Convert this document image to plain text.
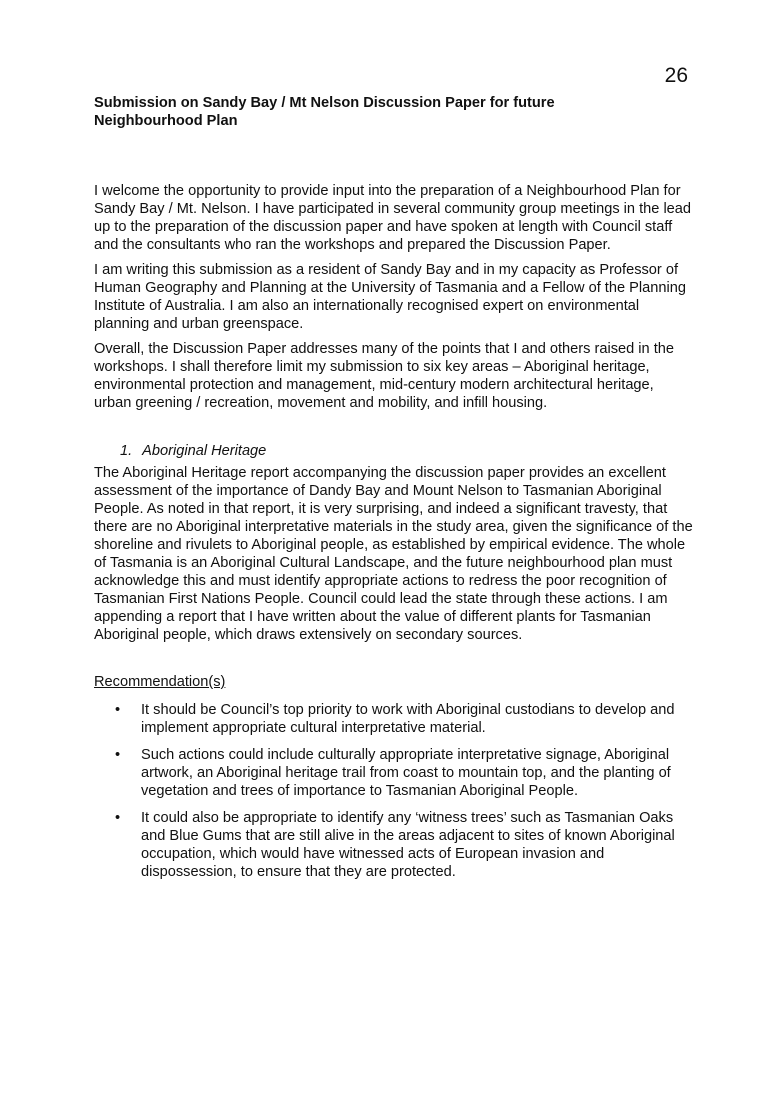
26
Submission on Sandy Bay / Mt Nelson Discussion Paper for future
Neighbourhood Plan

I welcome the opportunity to provide input into the preparation of a Neighbourhood Plan for Sandy Bay / Mt. Nelson. I have participated in several community group meetings in the lead up to the preparation of the discussion paper and have spoken at length with Council staff and the consultants who ran the workshops and prepared the Discussion Paper.

I am writing this submission as a resident of Sandy Bay and in my capacity as Professor of Human Geography and Planning at the University of Tasmania and a Fellow of the Planning Institute of Australia. I am also an internationally recognised expert on environmental planning and urban greenspace.

Overall, the Discussion Paper addresses many of the points that I and others raised in the workshops. I shall therefore limit my submission to six key areas – Aboriginal heritage, environmental protection and management, mid-century modern architectural heritage, urban greening / recreation, movement and mobility, and infill housing.

1. Aboriginal Heritage

The Aboriginal Heritage report accompanying the discussion paper provides an excellent assessment of the importance of Dandy Bay and Mount Nelson to Tasmanian Aboriginal People. As noted in that report, it is very surprising, and indeed a significant travesty, that there are no Aboriginal interpretative materials in the study area, given the significance of the shoreline and rivulets to Aboriginal people, as established by empirical evidence. The whole of Tasmania is an Aboriginal Cultural Landscape, and the future neighbourhood plan must acknowledge this and must identify appropriate actions to redress the poor recognition of Tasmanian First Nations People. Council could lead the state through these actions. I am appending a report that I have written about the value of different plants for Tasmanian Aboriginal people, which draws extensively on secondary sources.

Recommendation(s)
• It should be Council’s top priority to work with Aboriginal custodians to develop and implement appropriate cultural interpretative material.
• Such actions could include culturally appropriate interpretative signage, Aboriginal artwork, an Aboriginal heritage trail from coast to mountain top, and the planting of vegetation and trees of importance to Tasmanian Aboriginal People.
• It could also be appropriate to identify any ‘witness trees’ such as Tasmanian Oaks and Blue Gums that are still alive in the areas adjacent to sites of known Aboriginal occupation, which would have witnessed acts of European invasion and dispossession, to ensure that they are protected.
